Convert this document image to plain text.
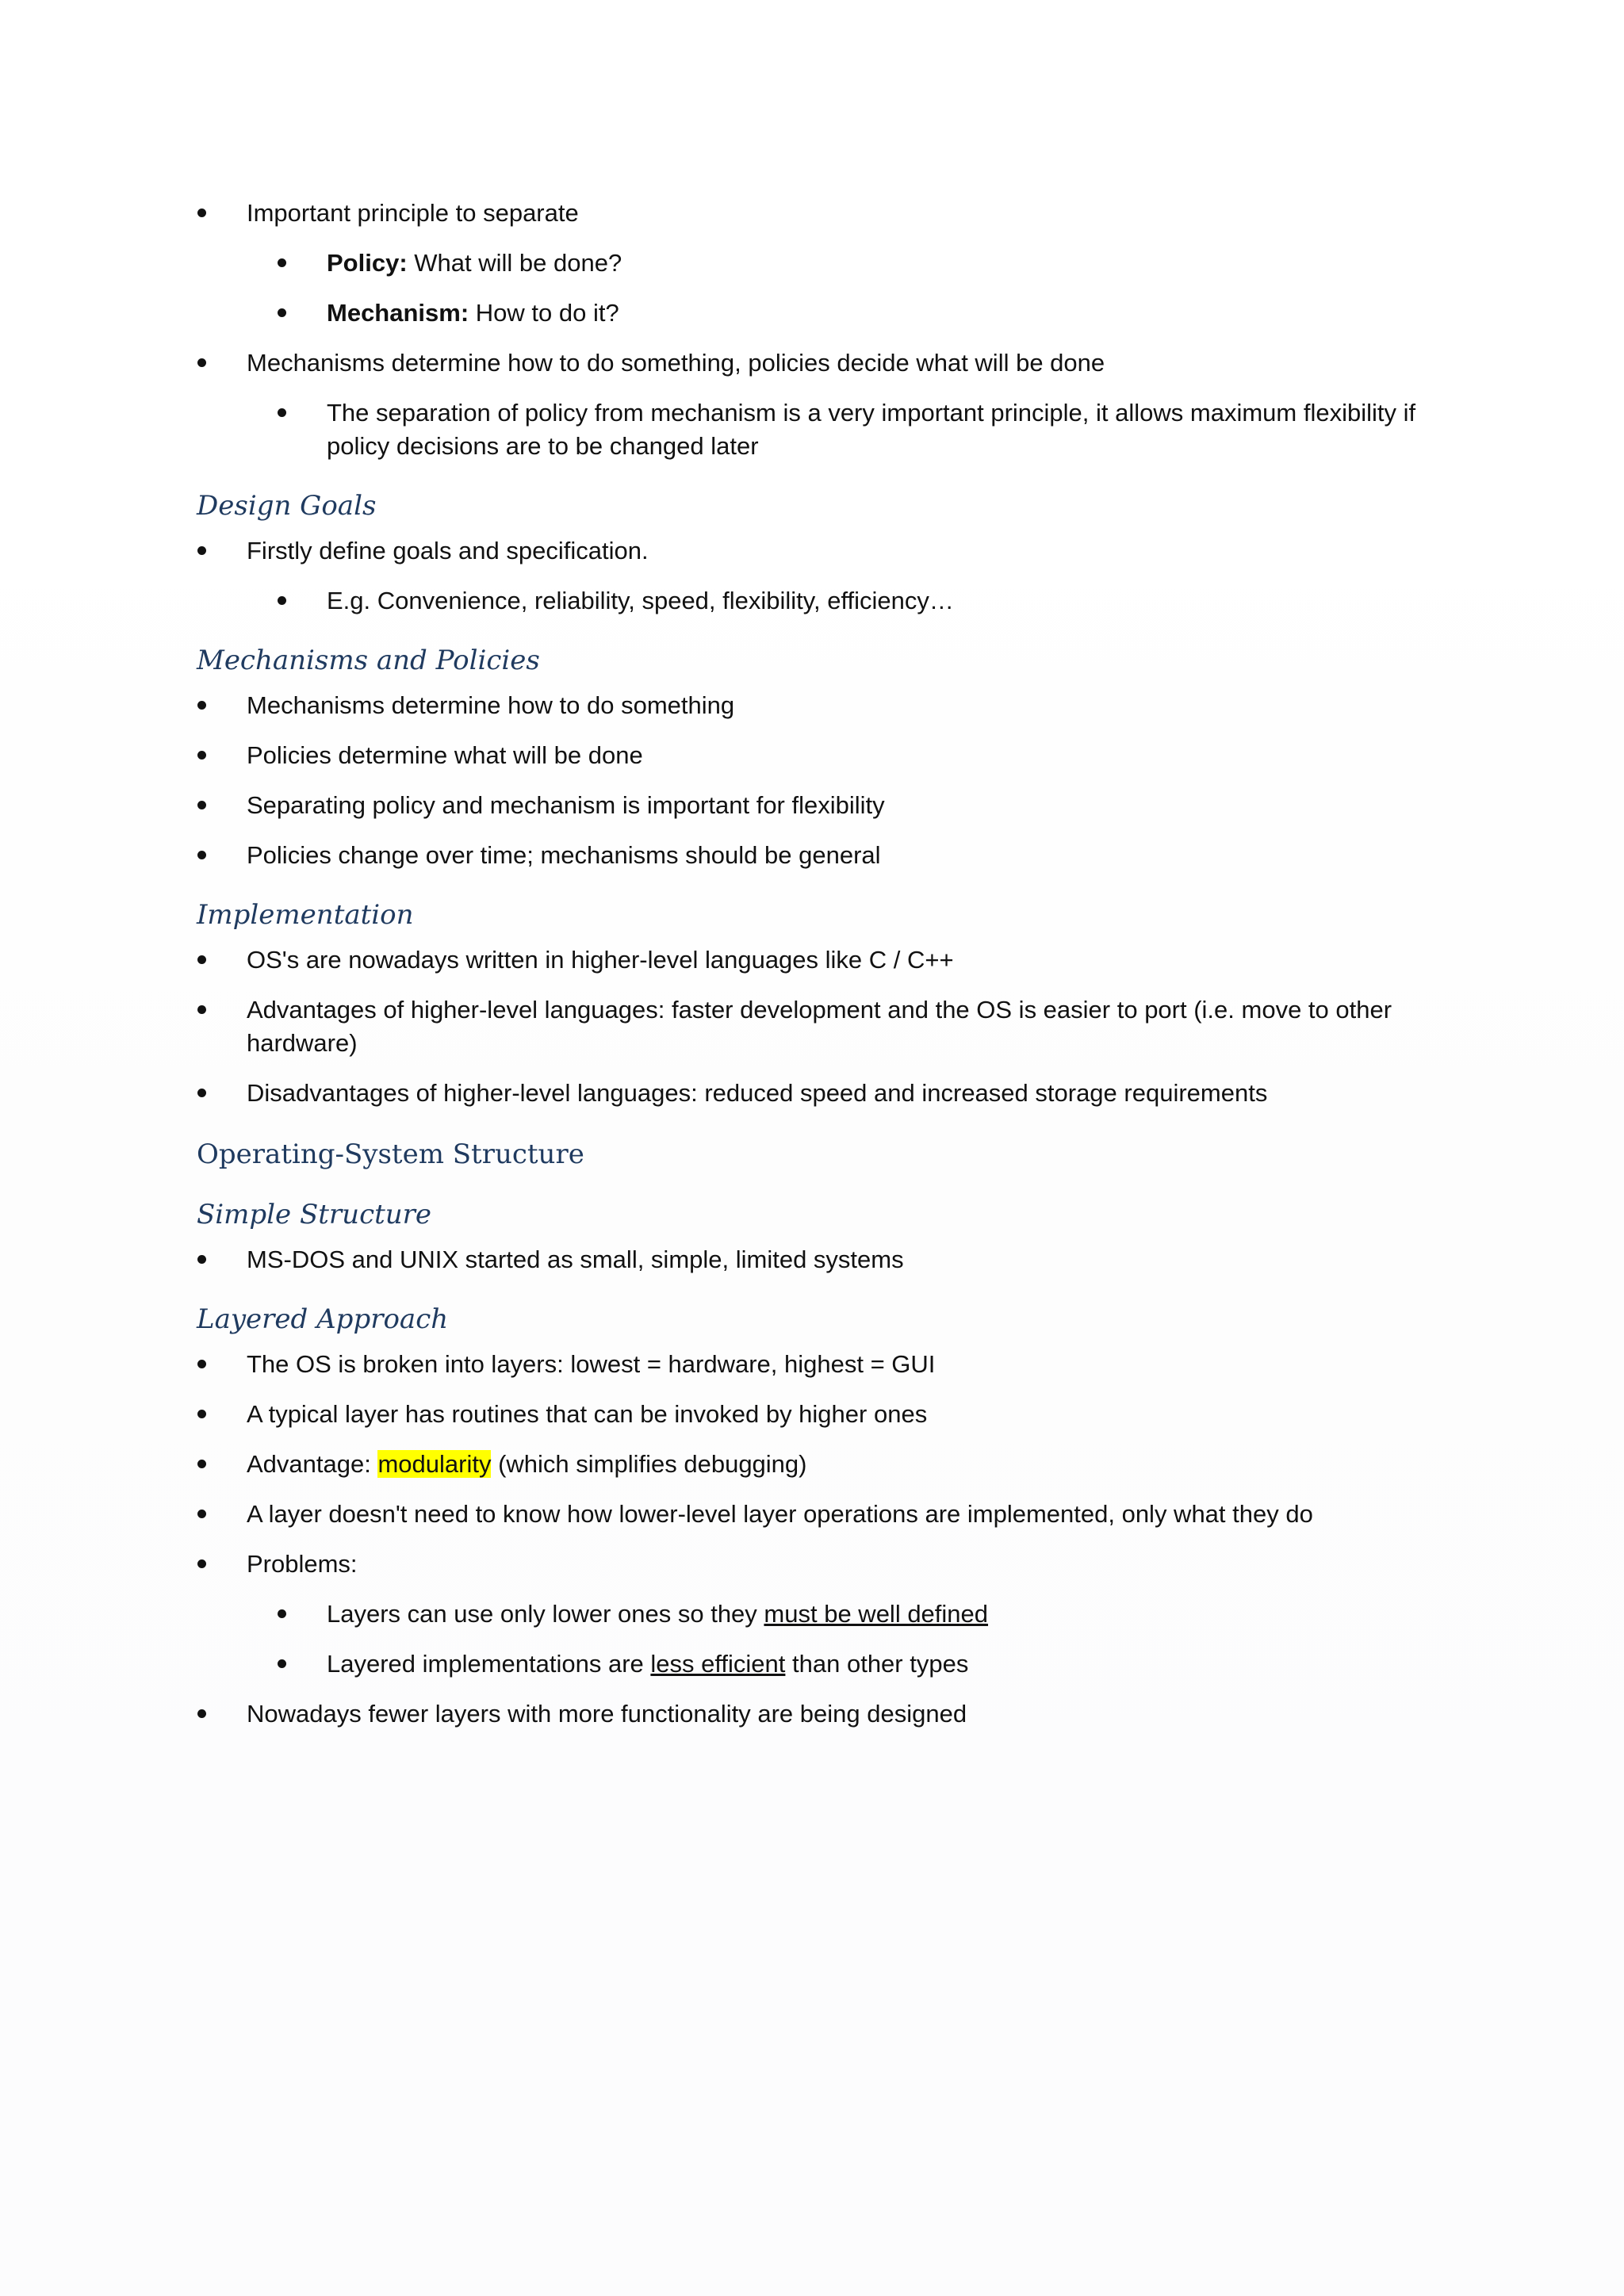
Important principle to separate
Policy: What will be done?
Mechanism: How to do it?
Mechanisms determine how to do something, policies decide what will be done
The separation of policy from mechanism is a very important principle, it allows maximum flexibility if policy decisions are to be changed later
Design Goals
Firstly define goals and specification.
E.g. Convenience, reliability, speed, flexibility, efficiency…
Mechanisms and Policies
Mechanisms determine how to do something
Policies determine what will be done
Separating policy and mechanism is important for flexibility
Policies change over time; mechanisms should be general
Implementation
OS's are nowadays written in higher-level languages like C / C++
Advantages of higher-level languages: faster development and the OS is easier to port (i.e. move to other hardware)
Disadvantages of higher-level languages: reduced speed and increased storage requirements
Operating-System Structure
Simple Structure
MS-DOS and UNIX started as small, simple, limited systems
Layered Approach
The OS is broken into layers: lowest = hardware, highest = GUI
A typical layer has routines that can be invoked by higher ones
Advantage: modularity (which simplifies debugging)
A layer doesn't need to know how lower-level layer operations are implemented, only what they do
Problems:
Layers can use only lower ones so they must be well defined
Layered implementations are less efficient than other types
Nowadays fewer layers with more functionality are being designed
